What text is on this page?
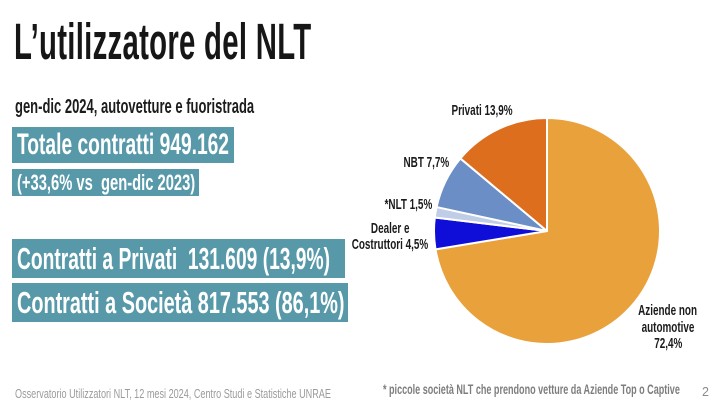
L’utilizzatore del NLT
gen-dic 2024, autovetture e fuoristrada
Totale contratti 949.162
(+33,6% vs  gen-dic 2023)
Contratti a Privati  131.609 (13,9%)
Contratti a Società 817.553 (86,1%)
Privati 13,9%
NBT 7,7%
*NLT 1,5%
Dealer e
Costruttori 4,5%
Aziende non
automotive
72,4%
* piccole società NLT che prendono vetture da Aziende Top o Captive
Osservatorio Utilizzatori NLT, 12 mesi 2024, Centro Studi e Statistiche UNRAE	2
